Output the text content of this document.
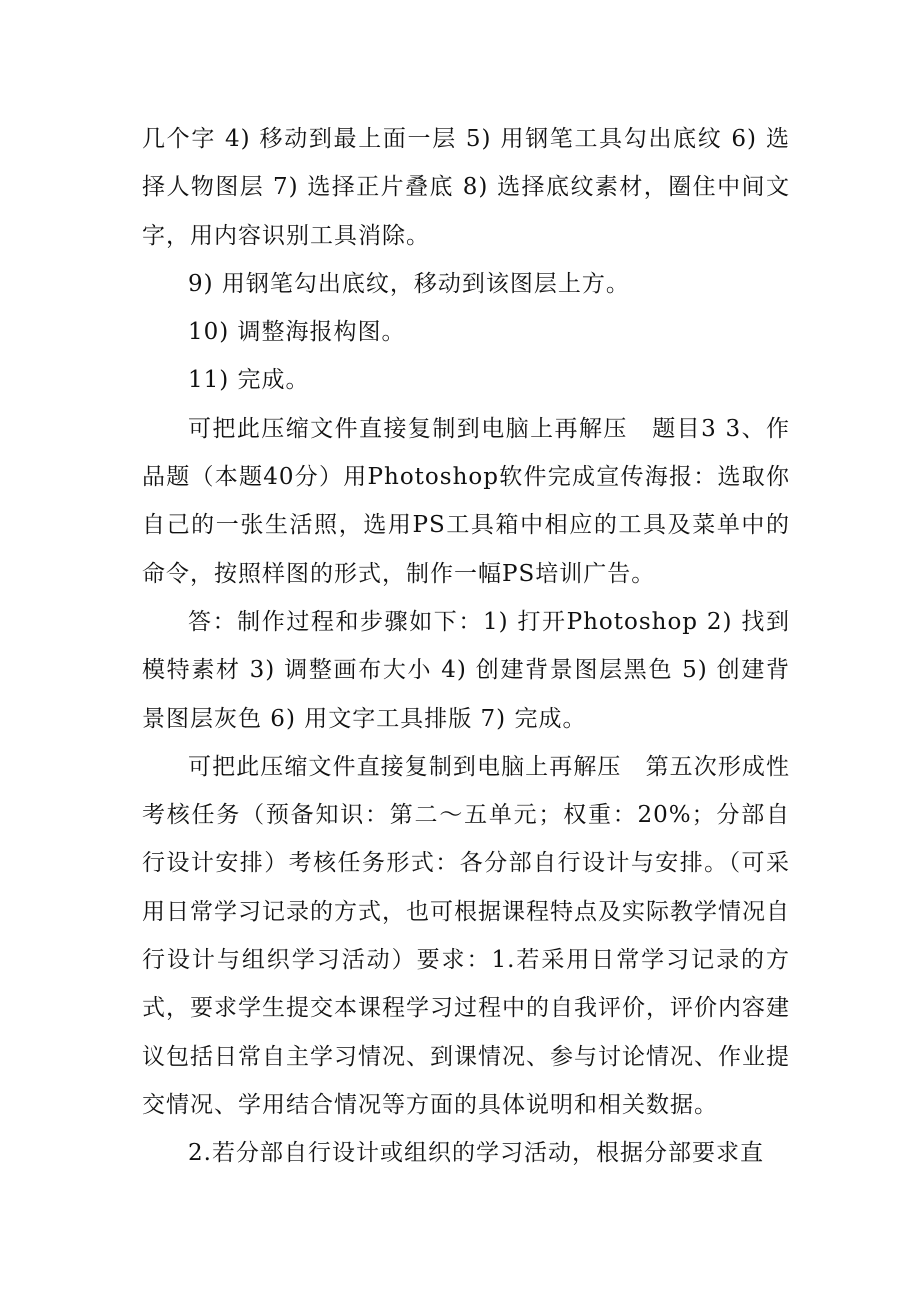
几个字 4) 移动到最上面一层 5) 用钢笔工具勾出底纹 6) 选择人物图层 7) 选择正片叠底 8) 选择底纹素材，圈住中间文字，用内容识别工具消除。

9) 用钢笔勾出底纹，移动到该图层上方。

10) 调整海报构图。

11) 完成。

可把此压缩文件直接复制到电脑上再解压　题目3 3、作品题（本题40分）用Photoshop软件完成宣传海报：选取你自己的一张生活照，选用PS工具箱中相应的工具及菜单中的命令，按照样图的形式，制作一幅PS培训广告。

答：制作过程和步骤如下：1) 打开Photoshop 2) 找到模特素材 3) 调整画布大小 4) 创建背景图层黑色 5) 创建背景图层灰色 6) 用文字工具排版 7) 完成。

可把此压缩文件直接复制到电脑上再解压　第五次形成性考核任务（预备知识：第二～五单元；权重：20%；分部自行设计安排）考核任务形式：各分部自行设计与安排。（可采用日常学习记录的方式，也可根据课程特点及实际教学情况自行设计与组织学习活动）要求：1.若采用日常学习记录的方式，要求学生提交本课程学习过程中的自我评价，评价内容建议包括日常自主学习情况、到课情况、参与讨论情况、作业提交情况、学用结合情况等方面的具体说明和相关数据。

2.若分部自行设计或组织的学习活动，根据分部要求直
